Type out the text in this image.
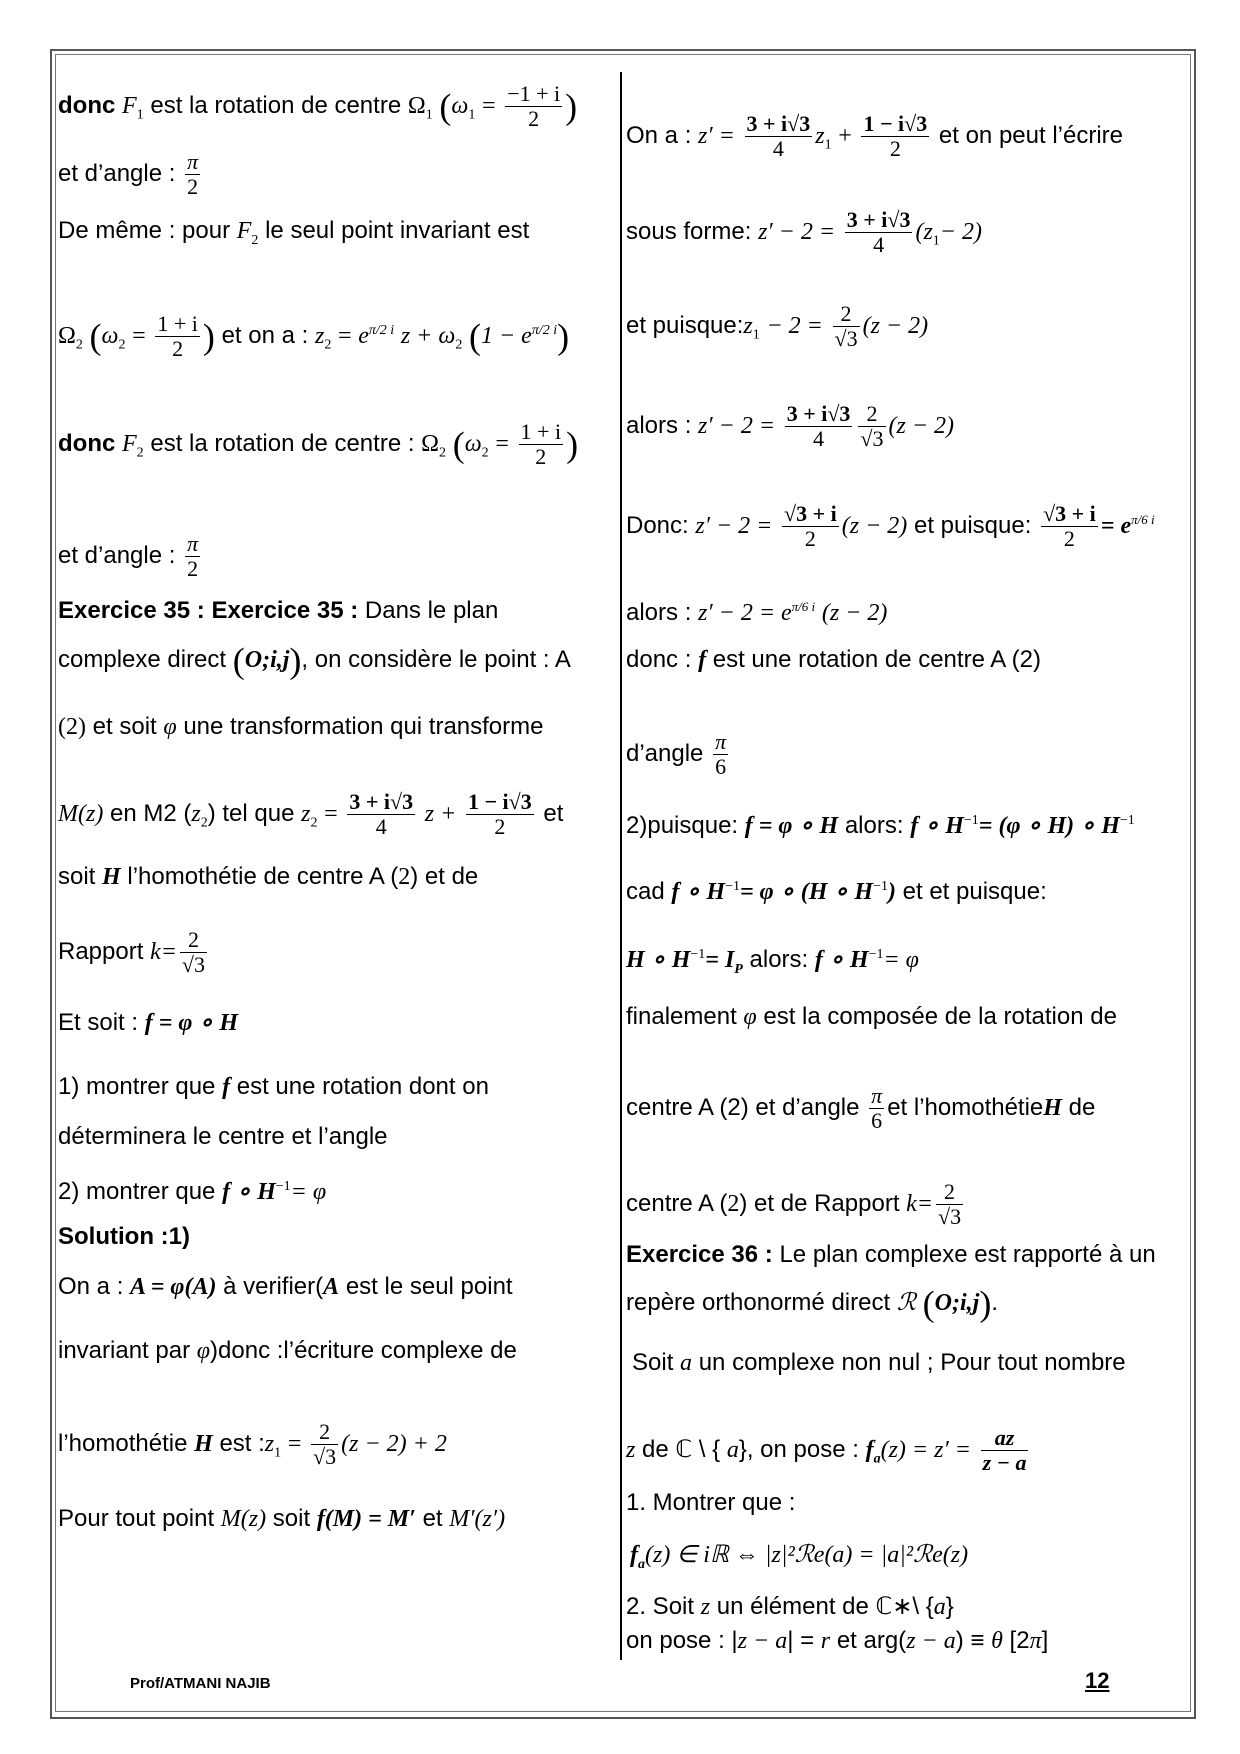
donc $F_1$ est la rotation de centre $\Omega_1$ ($\omega_1 = \frac{-1 + i}{2}$ )
et d’angle : $\frac{\pi}{2}$
De même : pour $F_2$ le seul point invariant est
$\Omega_2$ ($\omega_2 = \frac{1 + i}{2}$ ) et on a : $z_2 = e^{\pi/2 i}$ $z + \omega_2$ $(1 - e^{\pi/2 i})$
donc $F_2$ est la rotation de centre : $\Omega_2$ ($\omega_2 = \frac{1 + i}{2}$ )
et d’angle : $\frac{\pi}{2}$
Exercice 35 : Exercice 35 : Dans le plan
complexe direct (O;i,j), on considère le point : A
(2) et soit φ une transformation qui transforme
M(z) en M2 $(z_2)$ tel que $z_2 = \frac{3 + i√3}{4}$ $z + \frac{1 - i√3}{2}$ et
soit H l’homothétie de centre A (2) et de
Rapport $k= \frac{2}{√3}$
Et soit : f = φ ∘ H
1) montrer que f est une rotation dont on
déterminera le centre et l’angle
2) montrer que f ∘ $H^{-1}= \varphi$
Solution :1)
On a : A = φ(A) à verifier(A est le seul point
invariant par φ)donc :l’écriture complexe de
l’homothétie H est $:z_1 = \frac{2}{√3} (z - 2) + 2$
Pour tout point M(z) soit f(M) = M′ et M′(z′)
On a : $z' = \frac{3 + i√3}{4} z_1 + \frac{1 - i√3}{2}$ et on peut l’écrire
sous forme: $z' - 2 = \frac{3 + i√3}{4} (z_1- 2)$
et $puisque:z_1 - 2 = \frac{2}{√3} (z - 2)$
alors : $z' - 2 = \frac{3 + i√3}{4} \frac{2}{√3} (z - 2)$
Donc: $z' - 2 = \frac{√3 + i}{2} (z - 2)$ et puisque: $\frac{√3 + i}{2} = e^{\pi/6 i}$
alors : $z' - 2 = e^{\pi/6 i}$ (z − 2)
donc : f est une rotation de centre A (2)
d’angle $\frac{\pi}{6}$
2)puisque: f = φ ∘ H alors: f ∘ $H^{-1}= (\varphi$ ∘ H) ∘ $H^{-1}$
cad f ∘ $H^{-1}= \varphi$ ∘ (H ∘ $H^{-1}$) et et puisque:
H ∘ $H^{-1}= I_P$ alors: f ∘ $H^{-1}= \varphi$
finalement φ est la composée de la rotation de
centre A (2) et d’angle $\frac{\pi}{6}$ et l’homothétieH de
centre A (2) et de Rapport $k= \frac{2}{√3}$
Exercice 36 : Le plan complexe est rapporté à un
repère orthonormé direct ℛ (O;i,j).
Soit a un complexe non nul ; Pour tout nombre
z de ℂ \ { a}, on pose : $f_a(z) = z' = \frac{az}{z - a}$
1. Montrer que :
$f_a(z)$ ∈ iℝ ⇔ |z|²ℛe(a) = |a|²ℛe(z)
2. Soit z un élément de ℂ∗\ {a}
on pose : |z − a| = r et arg(z − a) ≡ θ [2π]
Prof/ATMANI NAJIB	12
